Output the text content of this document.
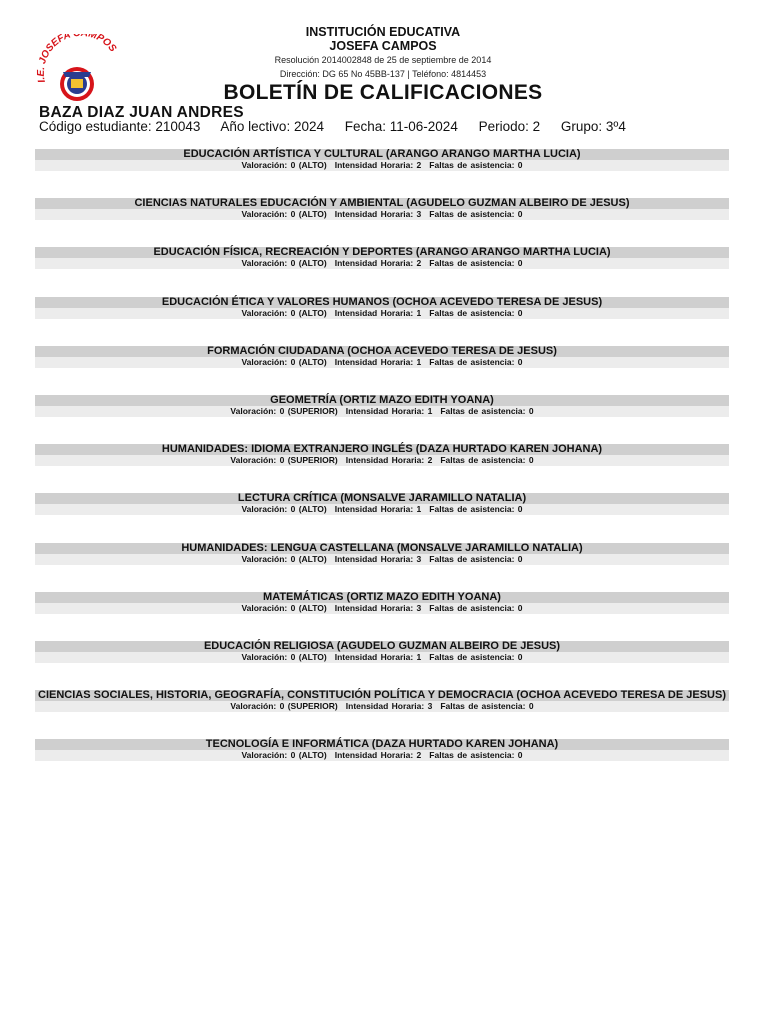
I.E. JOSEFA MPOS
INSTITUCIÓN EDUCATIVA
JOSEFA CAMPOS
Resolución 2014002848 de 25 de septiembre de 2014
Dirección: DG 65 No 45BB-137 | Teléfono: 4814453
BOLETÍN DE CALIFICACIONES
BAZA DIAZ JUAN ANDRES
Código estudiante: 210043 Año lectivo: 2024 Fecha: 11-06-2024 Periodo: 2 Grupo: 3º4
EDUCACIÓN ARTÍSTICA Y CULTURAL (ARANGO ARANGO MARTHA LUCIA)
Valoración: 0 (ALTO) Intensidad Horaria: 2 Faltas de asistencia: 0
CIENCIAS NATURALES EDUCACIÓN Y AMBIENTAL (AGUDELO GUZMAN ALBEIRO DE JESUS)
Valoración: 0 (ALTO) Intensidad Horaria: 3 Faltas de asistencia: 0
EDUCACIÓN FÍSICA, RECREACIÓN Y DEPORTES (ARANGO ARANGO MARTHA LUCIA)
Valoración: 0 (ALTO) Intensidad Horaria: 2 Faltas de asistencia: 0
EDUCACIÓN ÉTICA Y VALORES HUMANOS (OCHOA ACEVEDO TERESA DE JESUS)
Valoración: 0 (ALTO) Intensidad Horaria: 1 Faltas de asistencia: 0
FORMACIÓN CIUDADANA (OCHOA ACEVEDO TERESA DE JESUS)
Valoración: 0 (ALTO) Intensidad Horaria: 1 Faltas de asistencia: 0
GEOMETRÍA (ORTIZ MAZO EDITH YOANA)
Valoración: 0 (SUPERIOR) Intensidad Horaria: 1 Faltas de asistencia: 0
HUMANIDADES: IDIOMA EXTRANJERO INGLÉS (DAZA HURTADO KAREN JOHANA)
Valoración: 0 (SUPERIOR) Intensidad Horaria: 2 Faltas de asistencia: 0
LECTURA CRÍTICA (MONSALVE JARAMILLO NATALIA)
Valoración: 0 (ALTO) Intensidad Horaria: 1 Faltas de asistencia: 0
HUMANIDADES: LENGUA CASTELLANA (MONSALVE JARAMILLO NATALIA)
Valoración: 0 (ALTO) Intensidad Horaria: 3 Faltas de asistencia: 0
MATEMÁTICAS (ORTIZ MAZO EDITH YOANA)
Valoración: 0 (ALTO) Intensidad Horaria: 3 Faltas de asistencia: 0
EDUCACIÓN RELIGIOSA (AGUDELO GUZMAN ALBEIRO DE JESUS)
Valoración: 0 (ALTO) Intensidad Horaria: 1 Faltas de asistencia: 0
CIENCIAS SOCIALES, HISTORIA, GEOGRAFÍA, CONSTITUCIÓN POLÍTICA Y DEMOCRACIA (OCHOA ACEVEDO TERESA DE JESUS)
Valoración: 0 (SUPERIOR) Intensidad Horaria: 3 Faltas de asistencia: 0
TECNOLOGÍA E INFORMÁTICA (DAZA HURTADO KAREN JOHANA)
Valoración: 0 (ALTO) Intensidad Horaria: 2 Faltas de asistencia: 0
